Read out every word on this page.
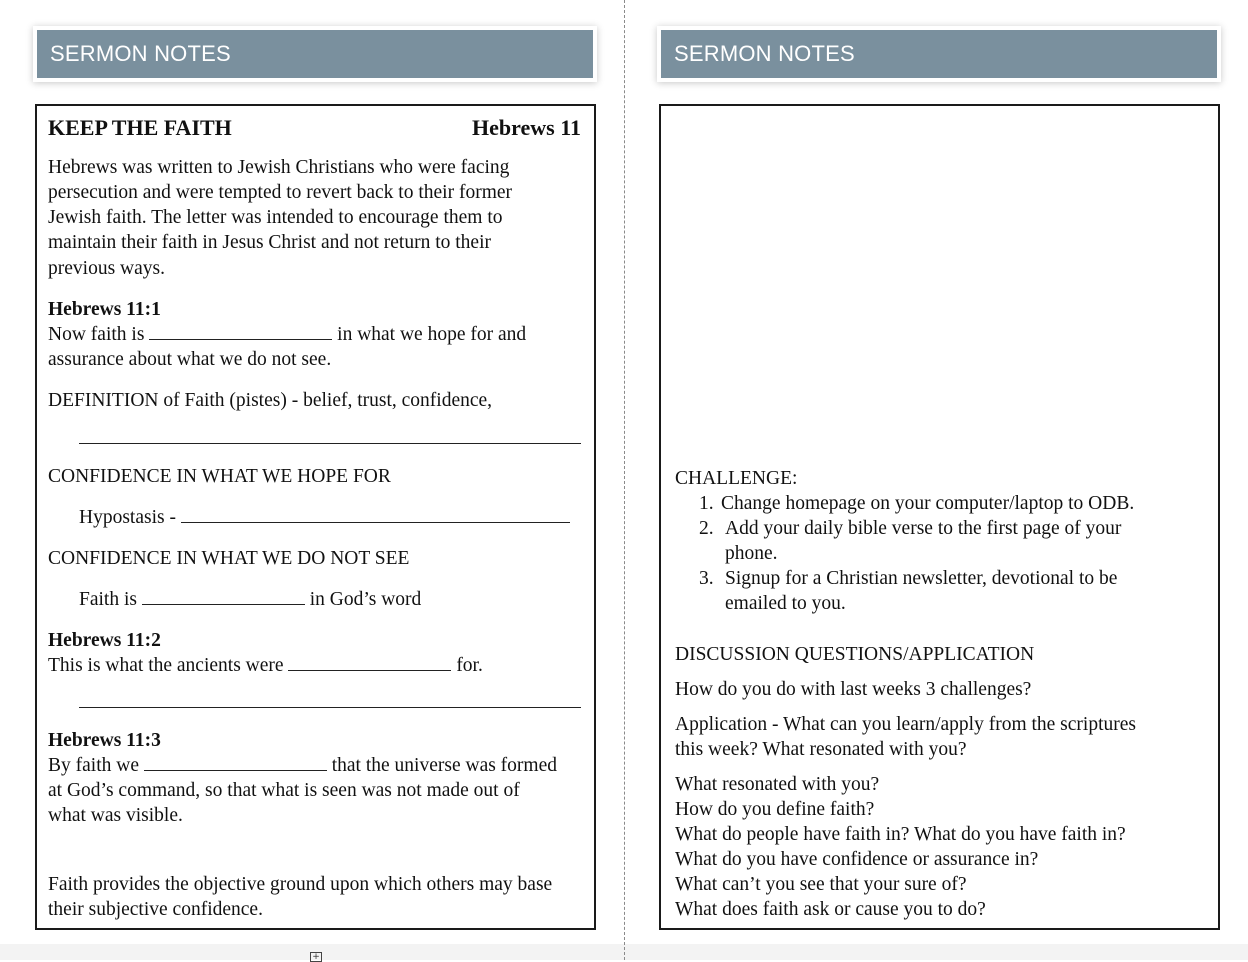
SERMON NOTES
KEEP THE FAITH	Hebrews 11
Hebrews was written to Jewish Christians who were facing
persecution and were tempted to revert back to their former
Jewish faith. The letter was intended to encourage them to
maintain their faith in Jesus Christ and not return to their
previous ways.
Hebrews 11:1
Now faith is	in what we hope for and
assurance about what we do not see.
DEFINITION of Faith (pistes) - belief, trust, confidence,
CONFIDENCE IN WHAT WE HOPE FOR
Hypostasis -
CONFIDENCE IN WHAT WE DO NOT SEE
Faith is	in God’s word
Hebrews 11:2
This is what the ancients were	for.
Hebrews 11:3
By faith we	that the universe was formed
at God’s command, so that what is seen was not made out of
what was visible.
Faith provides the objective ground upon which others may base
their subjective confidence.
SERMON NOTES
CHALLENGE:
1. Change homepage on your computer/laptop to ODB.
2. Add your daily bible verse to the first page of your
phone.
3. Signup for a Christian newsletter, devotional to be
emailed to you.
DISCUSSION QUESTIONS/APPLICATION
How do you do with last weeks 3 challenges?
Application - What can you learn/apply from the scriptures
this week? What resonated with you?
What resonated with you?
How do you define faith?
What do people have faith in? What do you have faith in?
What do you have confidence or assurance in?
What can’t you see that your sure of?
What does faith ask or cause you to do?
+
